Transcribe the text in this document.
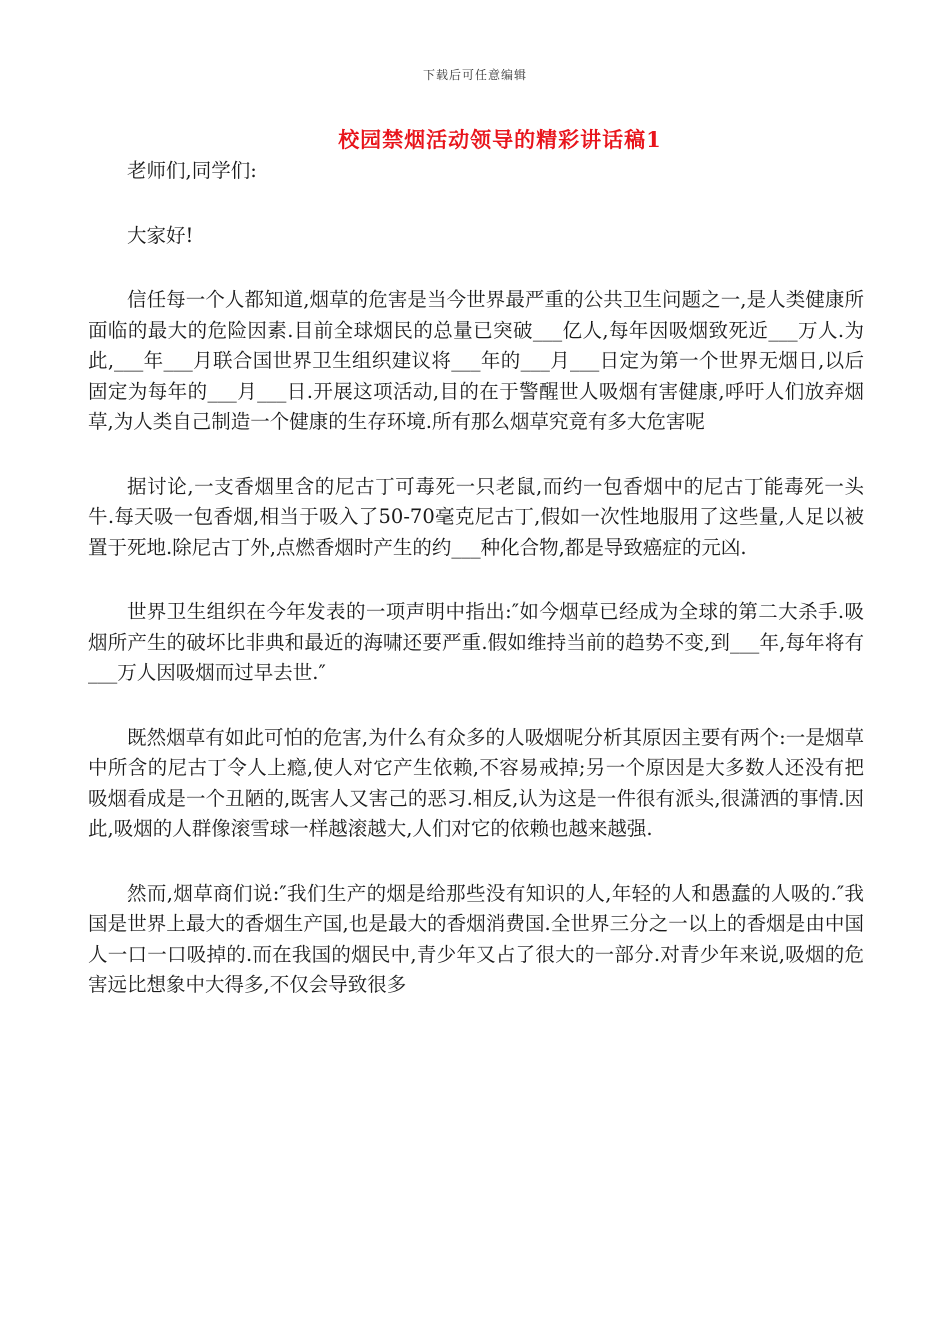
下载后可任意编辑
校园禁烟活动领导的精彩讲话稿1

老师们,同学们:

大家好!

信任每一个人都知道,烟草的危害是当今世界最严重的公共卫生问题之一,是人类健康所面临的最大的危险因素.目前全球烟民的总量已突破___亿人,每年因吸烟致死近___万人.为此,___年___月联合国世界卫生组织建议将___年的___月___日定为第一个世界无烟日,以后固定为每年的___月___日.开展这项活动,目的在于警醒世人吸烟有害健康,呼吁人们放弃烟草,为人类自己制造一个健康的生存环境.所有那么烟草究竟有多大危害呢

据讨论,一支香烟里含的尼古丁可毒死一只老鼠,而约一包香烟中的尼古丁能毒死一头牛.每天吸一包香烟,相当于吸入了50-70毫克尼古丁,假如一次性地服用了这些量,人足以被置于死地.除尼古丁外,点燃香烟时产生的约___种化合物,都是导致癌症的元凶.

世界卫生组织在今年发表的一项声明中指出:″如今烟草已经成为全球的第二大杀手.吸烟所产生的破坏比非典和最近的海啸还要严重.假如维持当前的趋势不变,到___年,每年将有___万人因吸烟而过早去世.″

既然烟草有如此可怕的危害,为什么有众多的人吸烟呢分析其原因主要有两个:一是烟草中所含的尼古丁令人上瘾,使人对它产生依赖,不容易戒掉;另一个原因是大多数人还没有把吸烟看成是一个丑陋的,既害人又害己的恶习.相反,认为这是一件很有派头,很潇洒的事情.因此,吸烟的人群像滚雪球一样越滚越大,人们对它的依赖也越来越强.

然而,烟草商们说:″我们生产的烟是给那些没有知识的人,年轻的人和愚蠢的人吸的.″我国是世界上最大的香烟生产国,也是最大的香烟消费国.全世界三分之一以上的香烟是由中国人一口一口吸掉的.而在我国的烟民中,青少年又占了很大的一部分.对青少年来说,吸烟的危害远比想象中大得多,不仅会导致很多
